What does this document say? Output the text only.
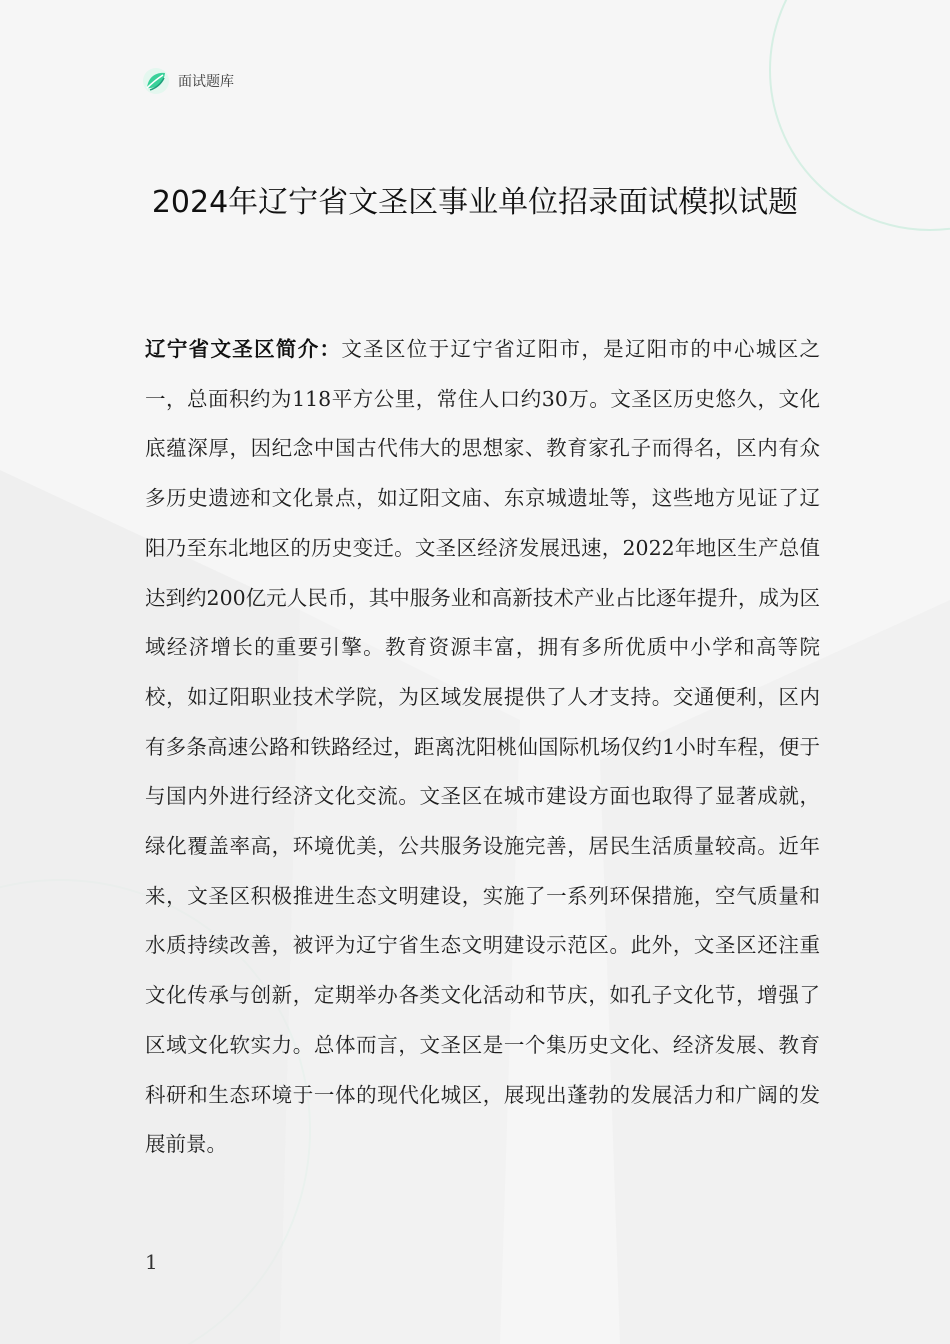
面试题库
2024年辽宁省文圣区事业单位招录面试模拟试题

辽宁省文圣区简介：文圣区位于辽宁省辽阳市，是辽阳市的中心城区之一，总面积约为118平方公里，常住人口约30万。文圣区历史悠久，文化底蕴深厚，因纪念中国古代伟大的思想家、教育家孔子而得名，区内有众多历史遗迹和文化景点，如辽阳文庙、东京城遗址等，这些地方见证了辽阳乃至东北地区的历史变迁。文圣区经济发展迅速，2022年地区生产总值达到约200亿元人民币，其中服务业和高新技术产业占比逐年提升，成为区域经济增长的重要引擎。教育资源丰富，拥有多所优质中小学和高等院校，如辽阳职业技术学院，为区域发展提供了人才支持。交通便利，区内有多条高速公路和铁路经过，距离沈阳桃仙国际机场仅约1小时车程，便于与国内外进行经济文化交流。文圣区在城市建设方面也取得了显著成就，绿化覆盖率高，环境优美，公共服务设施完善，居民生活质量较高。近年来，文圣区积极推进生态文明建设，实施了一系列环保措施，空气质量和水质持续改善，被评为辽宁省生态文明建设示范区。此外，文圣区还注重文化传承与创新，定期举办各类文化活动和节庆，如孔子文化节，增强了区域文化软实力。总体而言，文圣区是一个集历史文化、经济发展、教育科研和生态环境于一体的现代化城区，展现出蓬勃的发展活力和广阔的发展前景。

1
